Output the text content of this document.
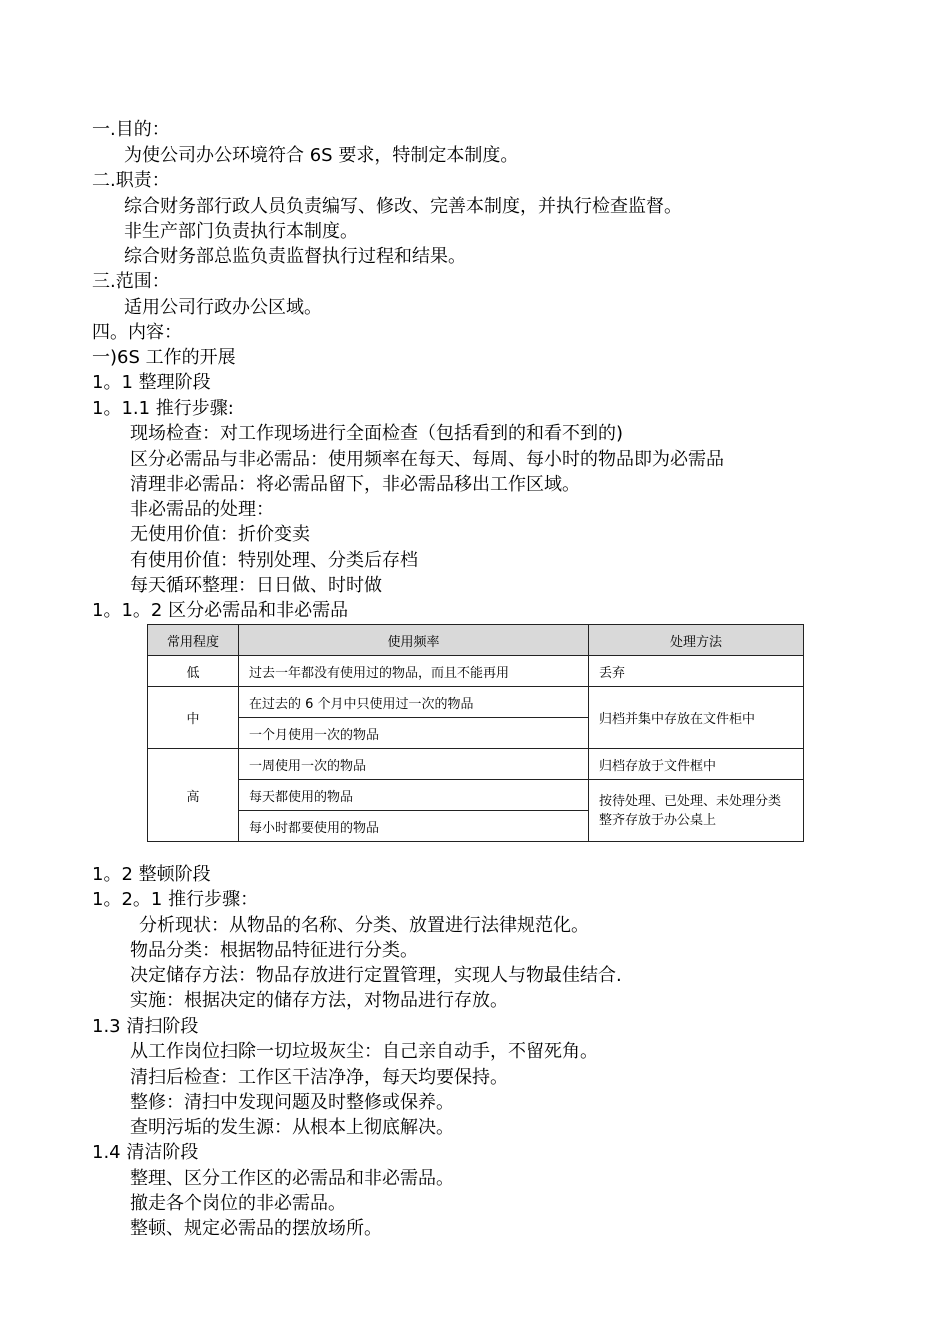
一.目的：
为使公司办公环境符合 6S 要求，特制定本制度。
二.职责：
综合财务部行政人员负责编写、修改、完善本制度，并执行检查监督。
非生产部门负责执行本制度。
综合财务部总监负责监督执行过程和结果。
三.范围：
适用公司行政办公区域。
四。内容：
一)6S 工作的开展
1。1 整理阶段
1。1.1 推行步骤:
现场检查：对工作现场进行全面检查（包括看到的和看不到的)
区分必需品与非必需品：使用频率在每天、每周、每小时的物品即为必需品
清理非必需品：将必需品留下，非必需品移出工作区域。
非必需品的处理：
无使用价值：折价变卖
有使用价值：特别处理、分类后存档
每天循环整理：日日做、时时做
1。1。2 区分必需品和非必需品
常用程度	使用频率	处理方法
低	过去一年都没有使用过的物品，而且不能再用	丢弃
中	在过去的 6 个月中只使用过一次的物品	归档并集中存放在文件柜中
	一个月使用一次的物品	
高	一周使用一次的物品	归档存放于文件框中
	每天都使用的物品	按待处理、已处理、未处理分类整齐存放于办公桌上
	每小时都要使用的物品	
1。2 整顿阶段
1。2。1 推行步骤：
分析现状：从物品的名称、分类、放置进行法律规范化。
物品分类：根据物品特征进行分类。
决定储存方法：物品存放进行定置管理，实现人与物最佳结合.
实施：根据决定的储存方法，对物品进行存放。
1.3 清扫阶段
从工作岗位扫除一切垃圾灰尘：自己亲自动手，不留死角。
清扫后检查：工作区干洁净净，每天均要保持。
整修：清扫中发现问题及时整修或保养。
查明污垢的发生源：从根本上彻底解决。
1.4 清洁阶段
整理、区分工作区的必需品和非必需品。
撤走各个岗位的非必需品。
整顿、规定必需品的摆放场所。
